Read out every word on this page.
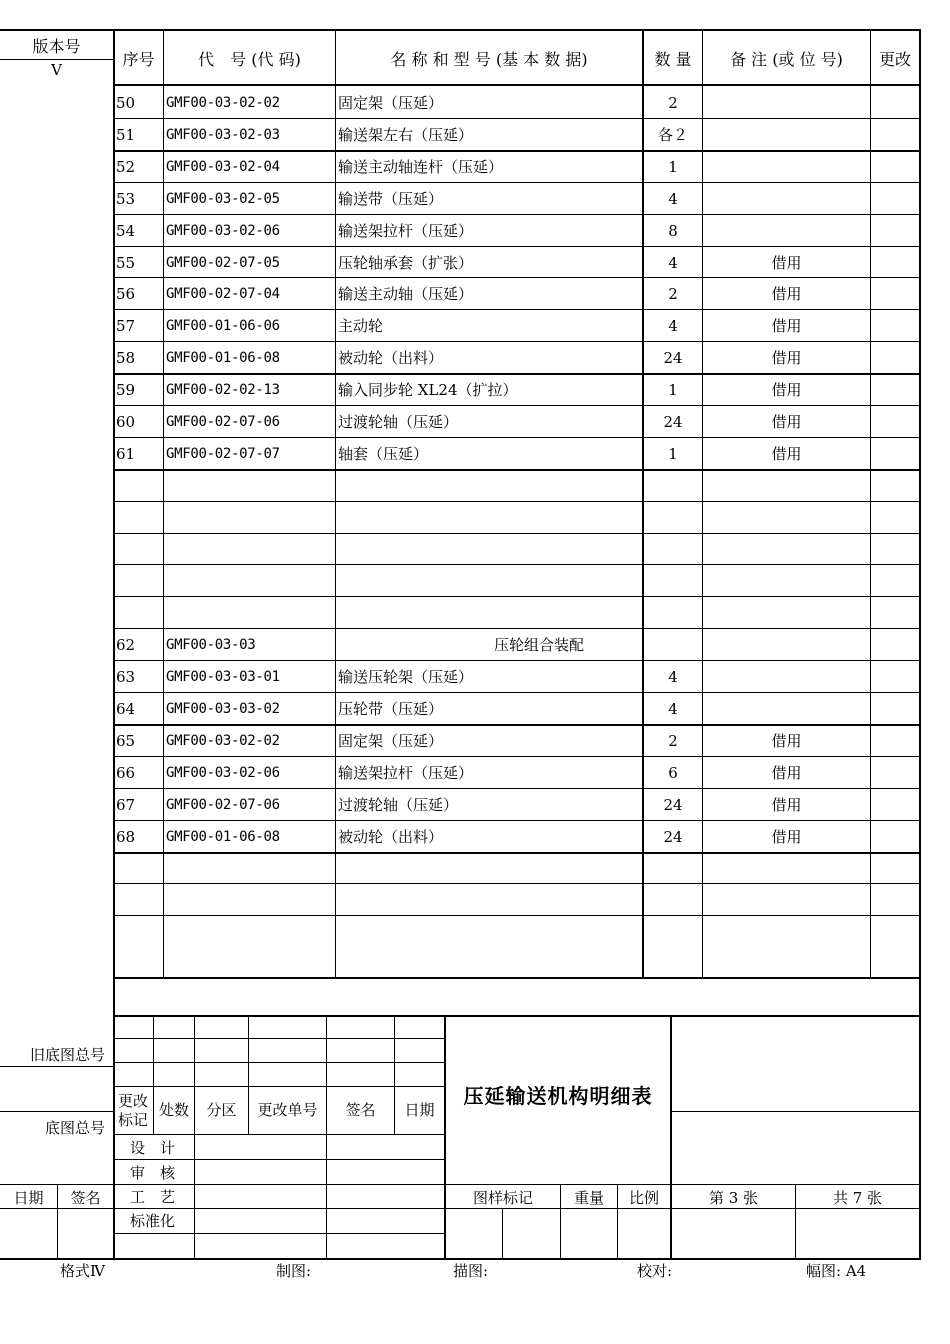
版本号
V
序号	代　号 (代 码)	名 称 和 型 号 (基 本 数 据)	数 量	备 注 (或 位 号)	更改
50	GMF00-03-02-02	固定架（压延）	2
51	GMF00-03-02-03	输送架左右（压延）	各２
52	GMF00-03-02-04	输送主动轴连杆（压延）	1
53	GMF00-03-02-05	输送带（压延）	4
54	GMF00-03-02-06	输送架拉杆（压延）	8
55	GMF00-02-07-05	压轮轴承套（扩张）	4	借用
56	GMF00-02-07-04	输送主动轴（压延）	2	借用
57	GMF00-01-06-06	主动轮	4	借用
58	GMF00-01-06-08	被动轮（出料）	24	借用
59	GMF00-02-02-13	输入同步轮 XL24（扩拉）	1	借用
60	GMF00-02-07-06	过渡轮轴（压延）	24	借用
61	GMF00-02-07-07	轴套（压延）	1	借用
62	GMF00-03-03	压轮组合装配
63	GMF00-03-03-01	输送压轮架（压延）	4
64	GMF00-03-03-02	压轮带（压延）	4
65	GMF00-03-02-02	固定架（压延）	2	借用
66	GMF00-03-02-06	输送架拉杆（压延）	6	借用
67	GMF00-02-07-06	过渡轮轴（压延）	24	借用
68	GMF00-01-06-08	被动轮（出料）	24	借用
旧底图总号
底图总号
日期	签名
更改
标记
处数	分区	更改单号	签名	日期
设　计
审　核
工　艺
标准化
压延输送机构明细表
图样标记	重量	比例	第 3 张	共 7 张
格式Ⅳ	制图:	描图:	校对:	幅图: A4
